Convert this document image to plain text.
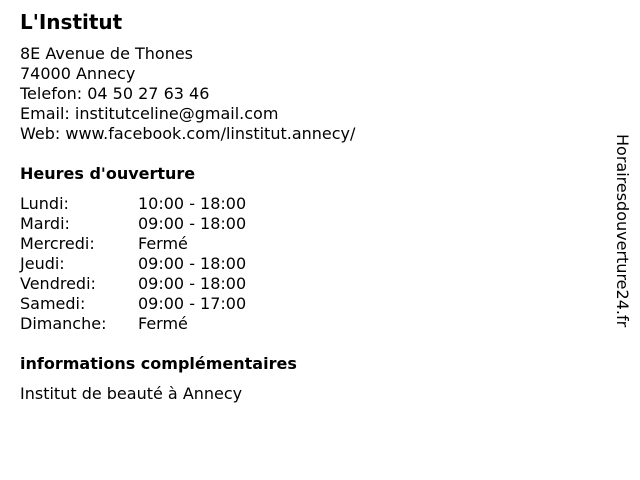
L'Institut
8E Avenue de Thones
74000 Annecy
Telefon: 04 50 27 63 46
Email: institutceline@gmail.com
Web: www.facebook.com/linstitut.annecy/
Heures d'ouverture
Lundi:	10:00 - 18:00
Mardi:	09:00 - 18:00
Mercredi:	Fermé
Jeudi:	09:00 - 18:00
Vendredi:	09:00 - 18:00
Samedi:	09:00 - 17:00
Dimanche: Fermé
informations complémentaires
Institut de beauté à Annecy
Horairesdouverture24.fr
